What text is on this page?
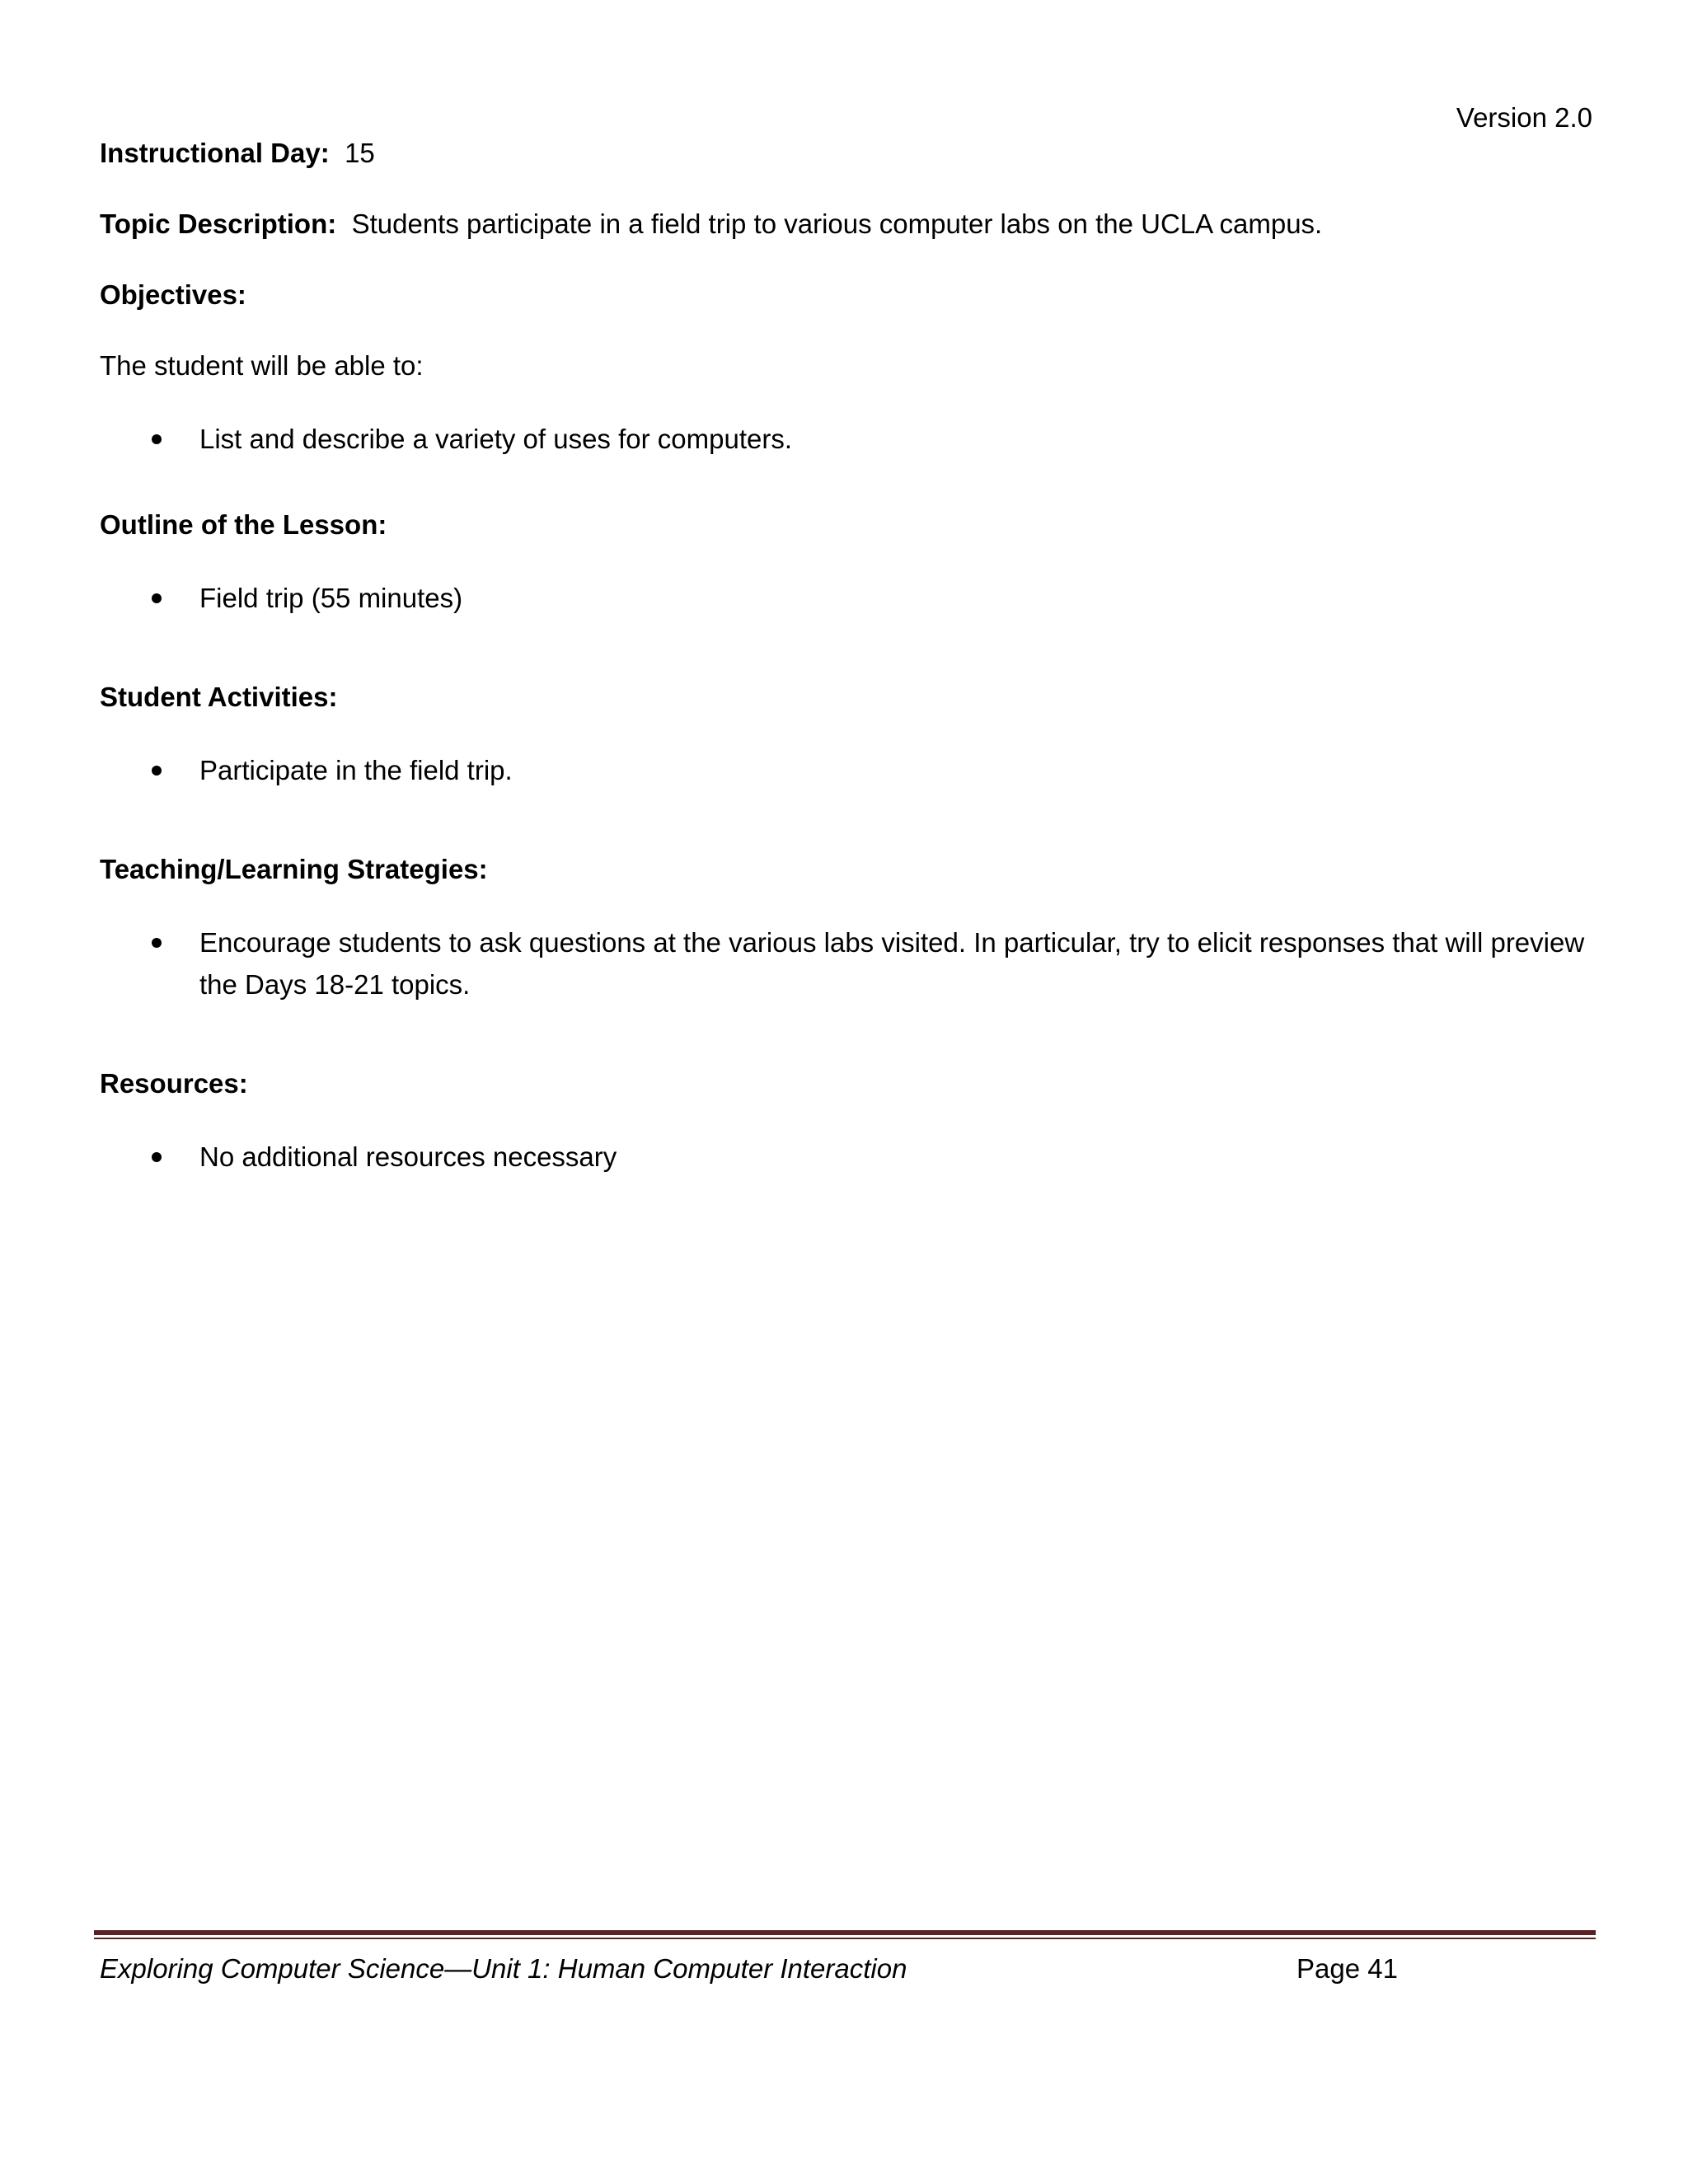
Version 2.0

Instructional Day: 15

Topic Description: Students participate in a field trip to various computer labs on the UCLA campus.

Objectives:

The student will be able to:

List and describe a variety of uses for computers.

Outline of the Lesson:

Field trip (55 minutes)

Student Activities:

Participate in the field trip.

Teaching/Learning Strategies:

Encourage students to ask questions at the various labs visited. In particular, try to elicit responses that will preview the Days 18-21 topics.

Resources:

No additional resources necessary
Exploring Computer Science—Unit 1: Human Computer Interaction	Page 41
